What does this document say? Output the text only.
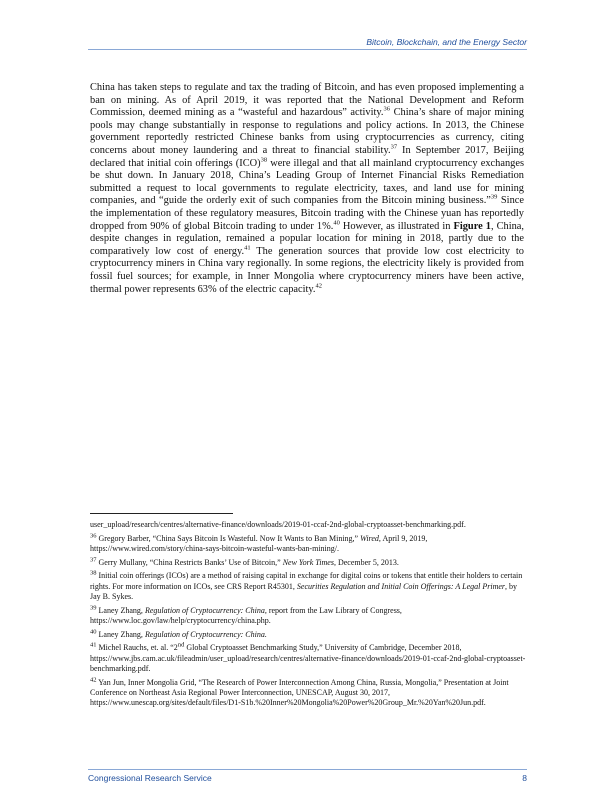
Bitcoin, Blockchain, and the Energy Sector

China has taken steps to regulate and tax the trading of Bitcoin, and has even proposed implementing a ban on mining. As of April 2019, it was reported that the National Development and Reform Commission, deemed mining as a “wasteful and hazardous” activity.$^{36}$ China’s share of major mining pools may change substantially in response to regulations and policy actions. In 2013, the Chinese government reportedly restricted Chinese banks from using cryptocurrencies as currency, citing concerns about money laundering and a threat to financial stability.$^{37}$ In September 2017, Beijing declared that initial coin offerings (ICO)$^{38}$ were illegal and that all mainland cryptocurrency exchanges be shut down. In January 2018, China’s Leading Group of Internet Financial Risks Remediation submitted a request to local governments to regulate electricity, taxes, and land use for mining companies, and “guide the orderly exit of such companies from the Bitcoin mining business.”$^{39}$ Since the implementation of these regulatory measures, Bitcoin trading with the Chinese yuan has reportedly dropped from 90% of global Bitcoin trading to under 1%.$^{40}$ However, as illustrated in Figure 1, China, despite changes in regulation, remained a popular location for mining in 2018, partly due to the comparatively low cost of energy.$^{41}$ The generation sources that provide low cost electricity to cryptocurrency miners in China vary regionally. In some regions, the electricity likely is provided from fossil fuel sources; for example, in Inner Mongolia where cryptocurrency miners have been active, thermal power represents 63% of the electric capacity.$^{42}$

user_upload/research/centres/alternative-finance/downloads/2019-01-ccaf-2nd-global-cryptoasset-benchmarking.pdf.

$^{36}$ Gregory Barber, “China Says Bitcoin Is Wasteful. Now It Wants to Ban Mining,” Wired, April 9, 2019, https://www.wired.com/story/china-says-bitcoin-wasteful-wants-ban-mining/.

$^{37}$ Gerry Mullany, “China Restricts Banks’ Use of Bitcoin,” New York Times, December 5, 2013.

$^{38}$ Initial coin offerings (ICOs) are a method of raising capital in exchange for digital coins or tokens that entitle their holders to certain rights. For more information on ICOs, see CRS Report R45301, Securities Regulation and Initial Coin Offerings: A Legal Primer, by Jay B. Sykes.

$^{39}$ Laney Zhang, Regulation of Cryptocurrency: China, report from the Law Library of Congress, https://www.loc.gov/law/help/cryptocurrency/china.php.

$^{40}$ Laney Zhang, Regulation of Cryptocurrency: China.

$^{41}$ Michel Rauchs, et. al. “2nd Global Cryptoasset Benchmarking Study,” University of Cambridge, December 2018, https://www.jbs.cam.ac.uk/fileadmin/user_upload/research/centres/alternative-finance/downloads/2019-01-ccaf-2nd-global-cryptoasset-benchmarking.pdf.

$^{42}$ Yan Jun, Inner Mongolia Grid, “The Research of Power Interconnection Among China, Russia, Mongolia,” Presentation at Joint Conference on Northeast Asia Regional Power Interconnection, UNESCAP, August 30, 2017, https://www.unescap.org/sites/default/files/D1-S1b.%20Inner%20Mongolia%20Power%20Group_Mr.%20Yan%20Jun.pdf.

Congressional Research Service	8
